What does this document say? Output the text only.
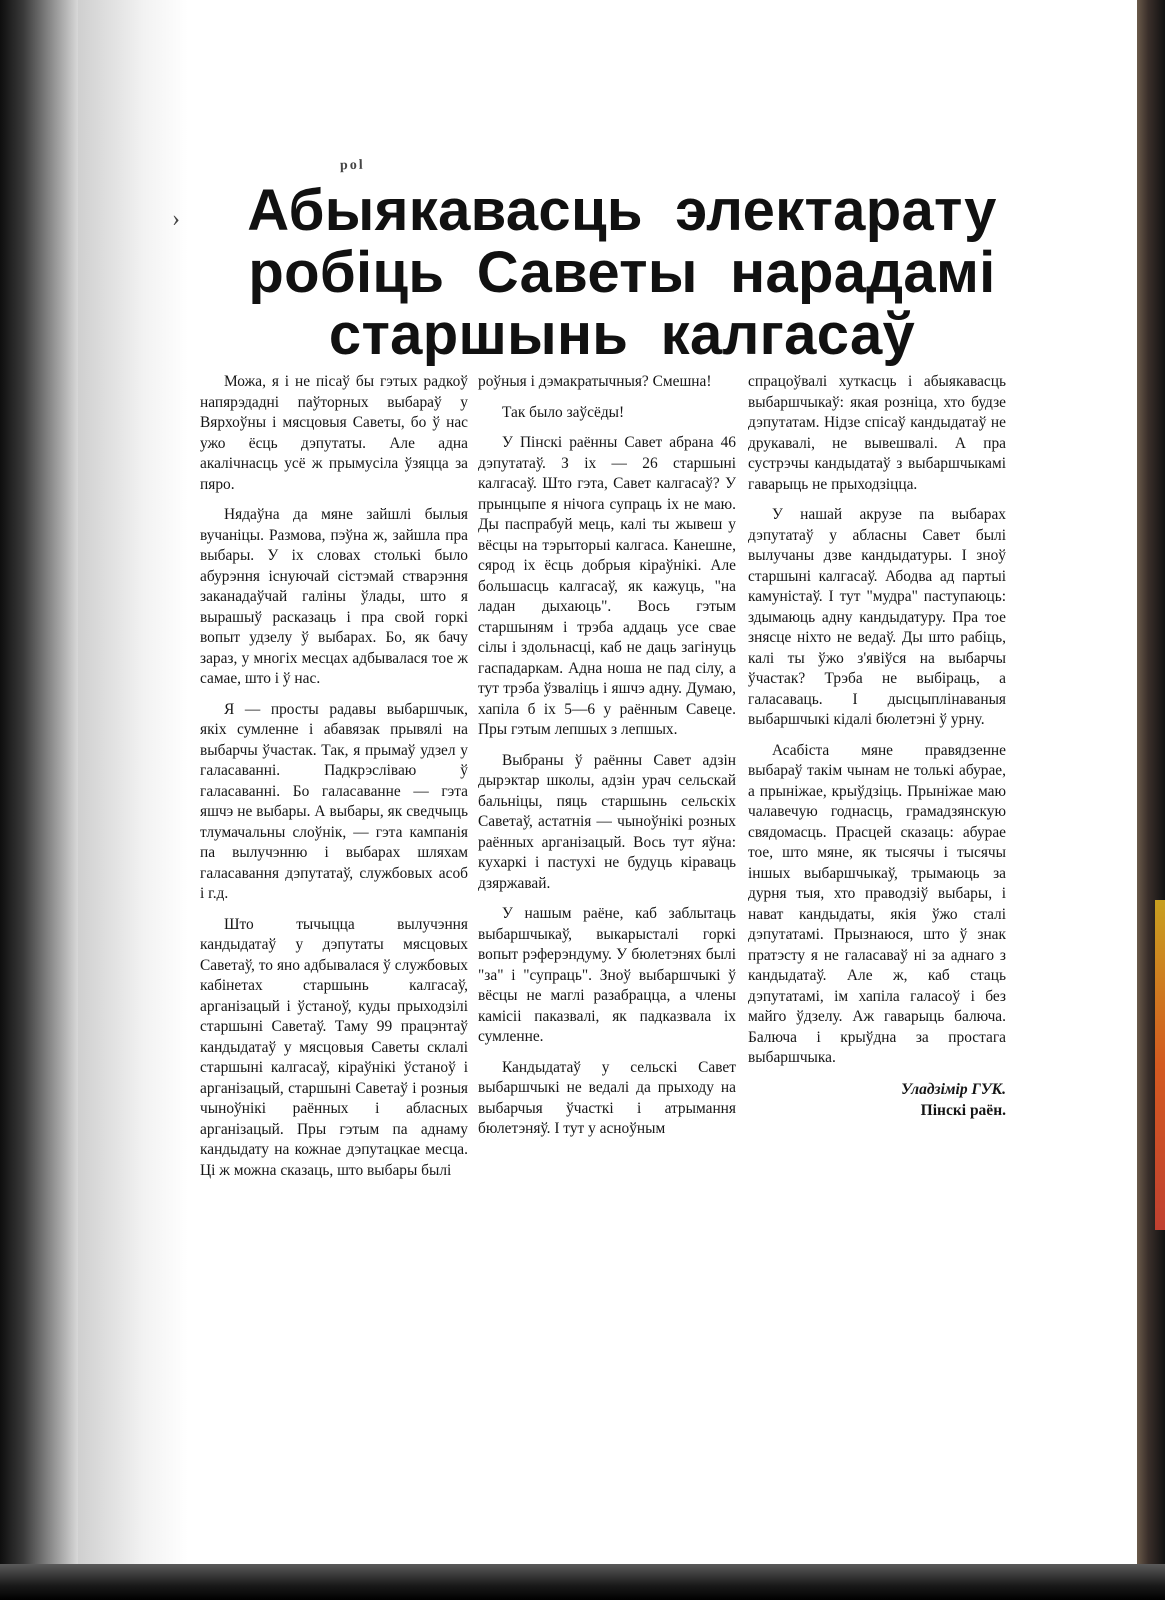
pol
›	Абыякавасць электарату
робіць Саветы нарадамі
старшынь калгасаў

Можа, я і не пісаў бы гэтых радкоў напярэдадні паўторных выбараў у Вярхоўны і мясцовыя Саветы, бо ў нас ужо ёсць дэпутаты. Але адна акалічнасць усё ж прымусіла ўзяцца за пяро.

Нядаўна да мяне зайшлі былыя вучаніцы. Размова, пэўна ж, зайшла пра выбары. У іх словах столькі было абурэння існуючай сістэмай стварэння заканадаўчай галіны ўлады, што я вырашыў расказаць і пра свой горкі вопыт удзелу ў выбарах. Бо, як бачу зараз, у многіх месцах адбывалася тое ж самае, што і ў нас.

Я — просты радавы выбаршчык, якіх сумленне і абавязак прывялі на выбарчы ўчастак. Так, я прымаў удзел у галасаванні. Падкрэсліваю ў галасаванні. Бо галасаванне — гэта яшчэ не выбары. А выбары, як сведчыць тлумачальны слоўнік, — гэта кампанія па вылучэнню і выбарах шляхам галасавання дэпутатаў, службовых асоб і г.д.

Што тычыцца вылучэння кандыдатаў у дэпутаты мясцовых Саветаў, то яно адбывалася ў службовых кабінетах старшынь калгасаў, арганізацый і ўстаноў, куды прыходзілі старшыні Саветаў. Таму 99 працэнтаў кандыдатаў у мясцовыя Саветы склалі старшыні калгасаў, кіраўнікі ўстаноў і арганізацый, старшыні Саветаў і розныя чыноўнікі раённых і абласных арганізацый. Пры гэтым па аднаму кандыдату на кожнае дэпутацкае месца. Ці ж можна сказаць, што выбары былі

роўныя і дэмакратычныя? Смешна!

Так было заўсёды!

У Пінскі раённы Савет абрана 46 дэпутатаў. З іх — 26 старшыні калгасаў. Што гэта, Савет калгасаў? У прынцыпе я нічога супраць іх не маю. Ды паспрабуй мець, калі ты жывеш у вёсцы на тэрыторыі калгаса. Канешне, сярод іх ёсць добрыя кіраўнікі. Але большасць калгасаў, як кажуць, "на ладан дыхаюць". Вось гэтым старшыням і трэба аддаць усе свае сілы і здольнасці, каб не даць загінуць гаспадаркам. Адна ноша не пад сілу, а тут трэба ўзваліць і яшчэ адну. Думаю, хапіла б іх 5—6 у раённым Савеце. Пры гэтым лепшых з лепшых.

Выбраны ў раённы Савет адзін дырэктар школы, адзін урач сельскай бальніцы, пяць старшынь сельскіх Саветаў, астатнія — чыноўнікі розных раённых арганізацый. Вось тут яўна: кухаркі і пастухі не будуць кіраваць дзяржавай.

У нашым раёне, каб заблытаць выбаршчыкаў, выкарысталі горкі вопыт рэферэндуму. У бюлетэнях былі "за" і "супраць". Зноў выбаршчыкі ў вёсцы не маглі разабрацца, а члены камісіі паказвалі, як падказвала іх сумленне.

Кандыдатаў у сельскі Савет выбаршчыкі не ведалі да прыходу на выбарчыя ўчасткі і атрымання бюлетэняў. І тут у асноўным

спрацоўвалі хуткасць і абыякавасць выбаршчыкаў: якая розніца, хто будзе дэпутатам. Нідзе спісаў кандыдатаў не друкавалі, не вывешвалі. А пра сустрэчы кандыдатаў з выбаршчыкамі гаварыць не прыходзіцца.

У нашай акрузе па выбарах дэпутатаў у абласны Савет былі вылучаны дзве кандыдатуры. І зноў старшыні калгасаў. Абодва ад партыі камуністаў. І тут "мудра" паступаюць: здымаюць адну кандыдатуру. Пра тое знясце ніхто не ведаў. Ды што рабіць, калі ты ўжо з'явіўся на выбарчы ўчастак? Трэба не выбіраць, а галасаваць. І дысцыплінаваныя выбаршчыкі кідалі бюлетэні ў урну.

Асабіста мяне правядзенне выбараў такім чынам не толькі абурае, а прыніжае, крыўдзіць. Прыніжае маю чалавечую годнасць, грамадзянскую свядомасць. Прасцей сказаць: абурае тое, што мяне, як тысячы і тысячы іншых выбаршчыкаў, трымаюць за дурня тыя, хто праводзіў выбары, і нават кандыдаты, якія ўжо сталі дэпутатамі. Прызнаюся, што ў знак пратэсту я не галасаваў ні за аднаго з кандыдатаў. Але ж, каб стаць дэпутатамі, ім хапіла галасоў і без майго ўдзелу. Аж гаварыць балюча. Балюча і крыўдна за простага выбаршчыка.

Уладзімір ГУК.
Пінскі раён.
